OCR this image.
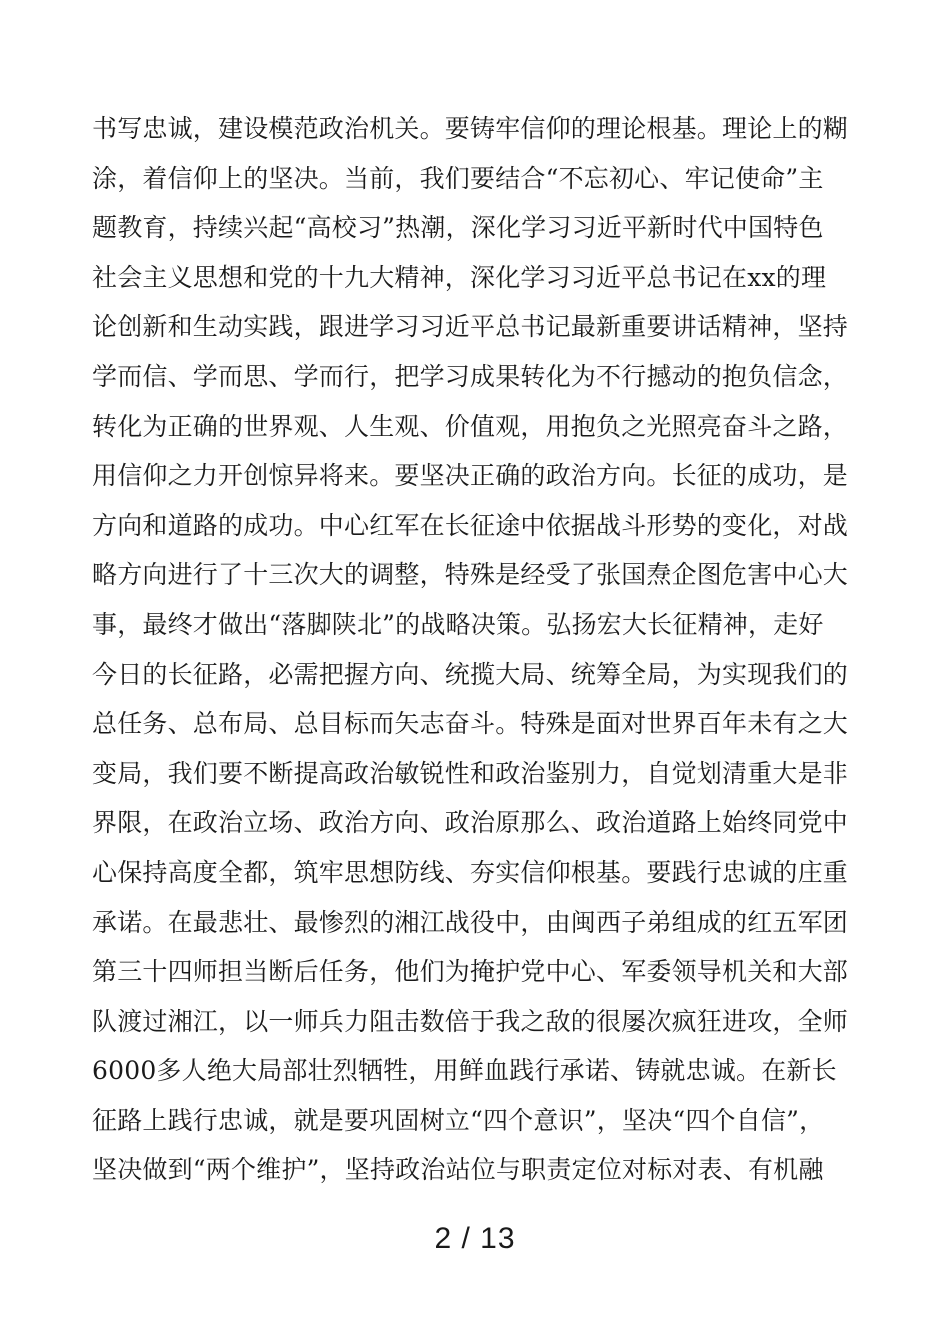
书写忠诚，建设模范政治机关。要铸牢信仰的理论根基。理论上的糊
涂，着信仰上的坚决。当前，我们要结合“不忘初心、牢记使命”主
题教育，持续兴起“高校习”热潮，深化学习习近平新时代中国特色
社会主义思想和党的十九大精神，深化学习习近平总书记在xx的理
论创新和生动实践，跟进学习习近平总书记最新重要讲话精神，坚持
学而信、学而思、学而行，把学习成果转化为不行撼动的抱负信念，
转化为正确的世界观、人生观、价值观，用抱负之光照亮奋斗之路，
用信仰之力开创惊异将来。要坚决正确的政治方向。长征的成功，是
方向和道路的成功。中心红军在长征途中依据战斗形势的变化，对战
略方向进行了十三次大的调整，特殊是经受了张国焘企图危害中心大
事，最终才做出“落脚陕北”的战略决策。弘扬宏大长征精神，走好
今日的长征路，必需把握方向、统揽大局、统筹全局，为实现我们的
总任务、总布局、总目标而矢志奋斗。特殊是面对世界百年未有之大
变局，我们要不断提高政治敏锐性和政治鉴别力，自觉划清重大是非
界限，在政治立场、政治方向、政治原那么、政治道路上始终同党中
心保持高度全都，筑牢思想防线、夯实信仰根基。要践行忠诚的庄重
承诺。在最悲壮、最惨烈的湘江战役中，由闽西子弟组成的红五军团
第三十四师担当断后任务，他们为掩护党中心、军委领导机关和大部
队渡过湘江，以一师兵力阻击数倍于我之敌的很屡次疯狂进攻，全师
6000多人绝大局部壮烈牺牲，用鲜血践行承诺、铸就忠诚。在新长
征路上践行忠诚，就是要巩固树立“四个意识”，坚决“四个自信”，
坚决做到“两个维护”，坚持政治站位与职责定位对标对表、有机融
2 / 13
